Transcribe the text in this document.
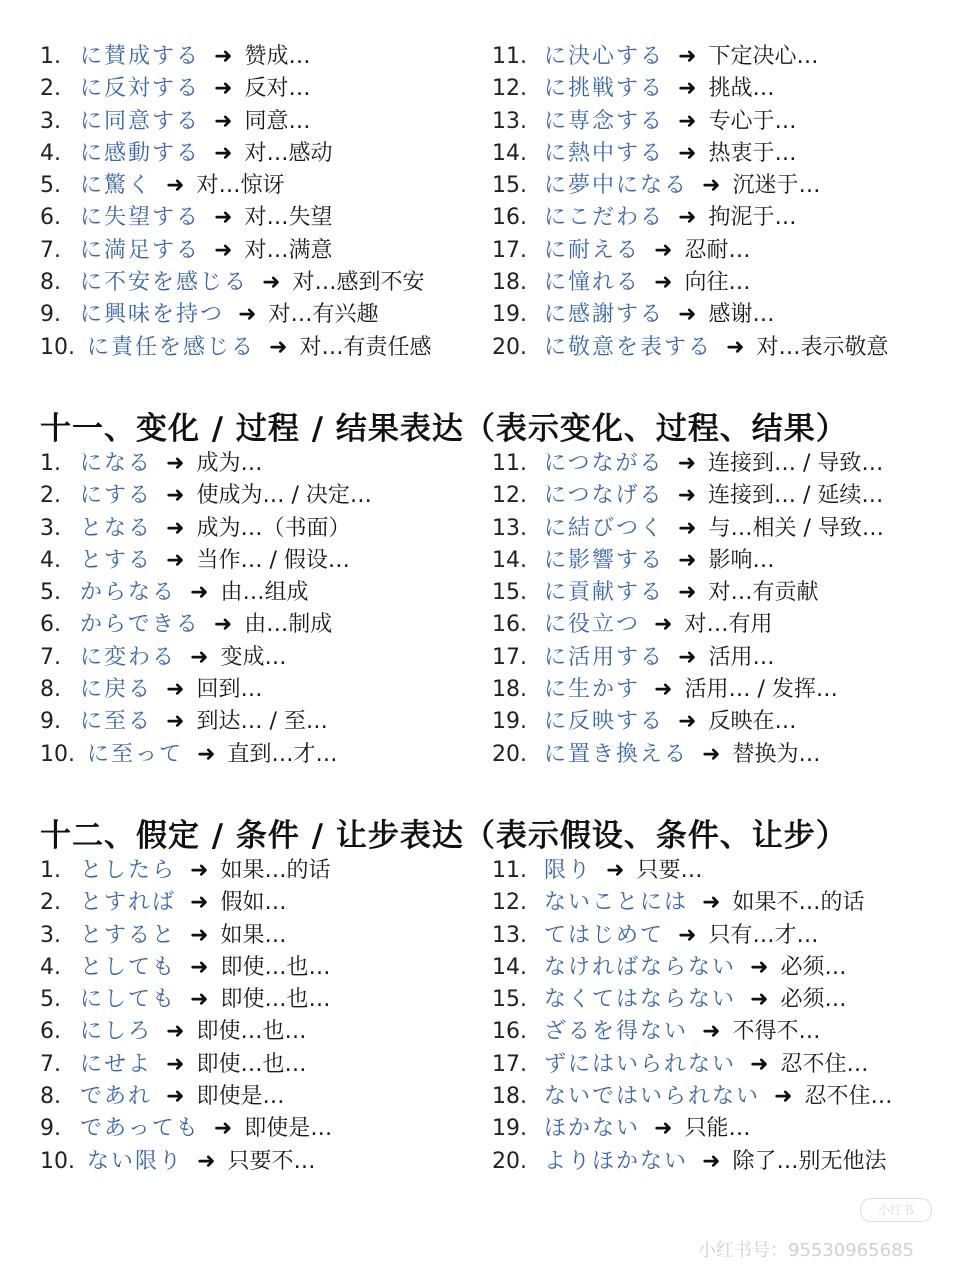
1. に賛成する ➜ 赞成…
2. に反対する ➜ 反对…
3. に同意する ➜ 同意…
4. に感動する ➜ 对…感动
5. に驚く ➜ 对…惊讶
6. に失望する ➜ 对…失望
7. に満足する ➜ 对…满意
8. に不安を感じる ➜ 对…感到不安
9. に興味を持つ ➜ 对…有兴趣
10. に責任を感じる ➜ 对…有责任感
11. に決心する ➜ 下定决心…
12. に挑戦する ➜ 挑战…
13. に専念する ➜ 专心于…
14. に熱中する ➜ 热衷于…
15. に夢中になる ➜ 沉迷于…
16. にこだわる ➜ 拘泥于…
17. に耐える ➜ 忍耐…
18. に憧れる ➜ 向往…
19. に感謝する ➜ 感谢…
20. に敬意を表する ➜ 对…表示敬意
十一、变化 / 过程 / 结果表达（表示变化、过程、结果）
1. になる ➜ 成为…
2. にする ➜ 使成为… / 决定…
3. となる ➜ 成为…（书面）
4. とする ➜ 当作… / 假设…
5. からなる ➜ 由…组成
6. からできる ➜ 由…制成
7. に変わる ➜ 变成…
8. に戻る ➜ 回到…
9. に至る ➜ 到达… / 至…
10. に至って ➜ 直到…才…
11. につながる ➜ 连接到… / 导致…
12. につなげる ➜ 连接到… / 延续…
13. に結びつく ➜ 与…相关 / 导致…
14. に影響する ➜ 影响…
15. に貢献する ➜ 对…有贡献
16. に役立つ ➜ 对…有用
17. に活用する ➜ 活用…
18. に生かす ➜ 活用… / 发挥…
19. に反映する ➜ 反映在…
20. に置き換える ➜ 替换为…
十二、假定 / 条件 / 让步表达（表示假设、条件、让步）
1. としたら ➜ 如果…的话
2. とすれば ➜ 假如…
3. とすると ➜ 如果…
4. としても ➜ 即使…也…
5. にしても ➜ 即使…也…
6. にしろ ➜ 即使…也…
7. にせよ ➜ 即使…也…
8. であれ ➜ 即使是…
9. であっても ➜ 即使是…
10. ない限り ➜ 只要不…
11. 限り ➜ 只要…
12. ないことには ➜ 如果不…的话
13. てはじめて ➜ 只有…才…
14. なければならない ➜ 必须…
15. なくてはならない ➜ 必须…
16. ざるを得ない ➜ 不得不…
17. ずにはいられない ➜ 忍不住…
18. ないではいられない ➜ 忍不住…
19. ほかない ➜ 只能…
20. よりほかない ➜ 除了…别无他法
小红书
小红书号：95530965685
